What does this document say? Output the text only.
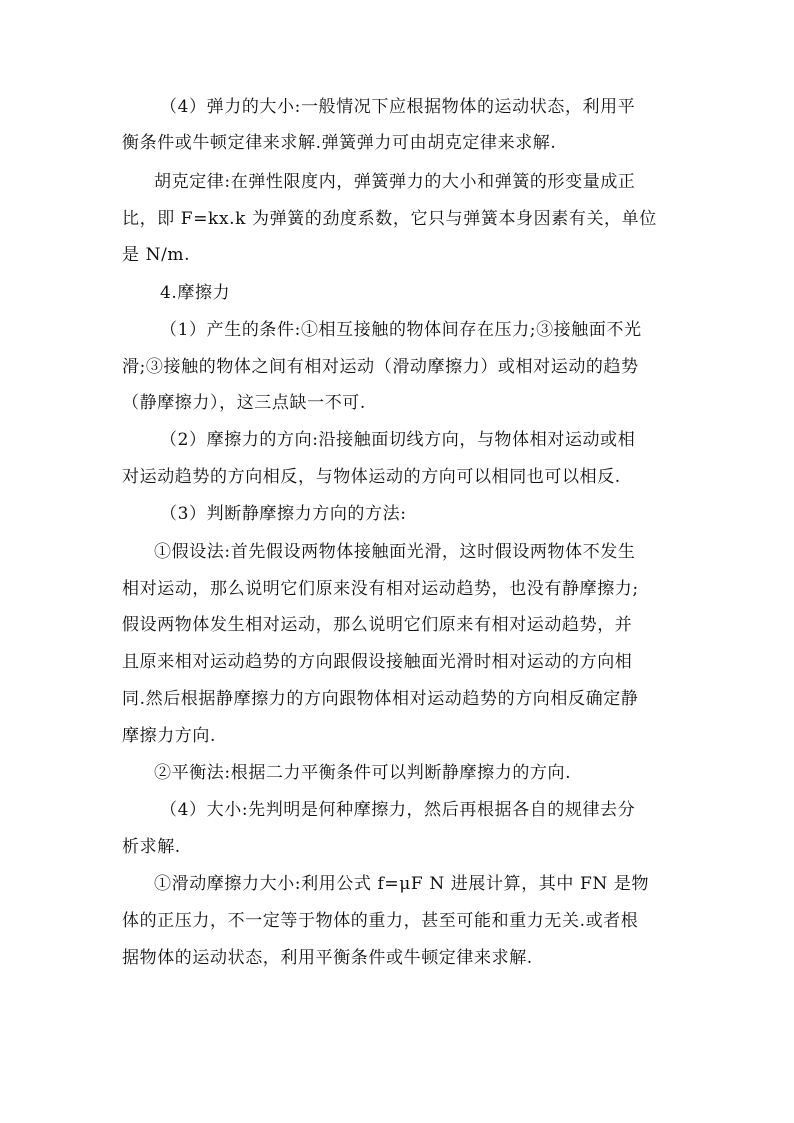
（4）弹力的大小:一般情况下应根据物体的运动状态，利用平
衡条件或牛顿定律来求解.弹簧弹力可由胡克定律来求解.
胡克定律:在弹性限度内，弹簧弹力的大小和弹簧的形变量成正
比，即 F=kx.k 为弹簧的劲度系数，它只与弹簧本身因素有关，单位
是 N/m.
4.摩擦力
（1）产生的条件:①相互接触的物体间存在压力;③接触面不光
滑;③接触的物体之间有相对运动（滑动摩擦力）或相对运动的趋势
（静摩擦力），这三点缺一不可.
（2）摩擦力的方向:沿接触面切线方向，与物体相对运动或相
对运动趋势的方向相反，与物体运动的方向可以相同也可以相反.
（3）判断静摩擦力方向的方法:
①假设法:首先假设两物体接触面光滑，这时假设两物体不发生
相对运动，那么说明它们原来没有相对运动趋势，也没有静摩擦力;
假设两物体发生相对运动，那么说明它们原来有相对运动趋势，并
且原来相对运动趋势的方向跟假设接触面光滑时相对运动的方向相
同.然后根据静摩擦力的方向跟物体相对运动趋势的方向相反确定静
摩擦力方向.
②平衡法:根据二力平衡条件可以判断静摩擦力的方向.
（4）大小:先判明是何种摩擦力，然后再根据各自的规律去分
析求解.
①滑动摩擦力大小:利用公式 f=μF N 进展计算，其中 FN 是物
体的正压力，不一定等于物体的重力，甚至可能和重力无关.或者根
据物体的运动状态，利用平衡条件或牛顿定律来求解.
